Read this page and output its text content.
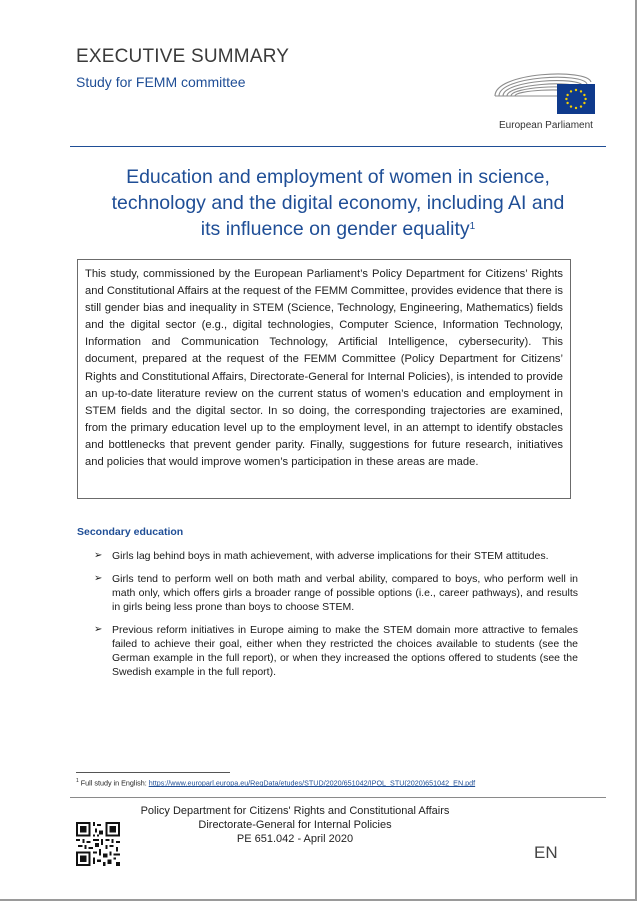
EXECUTIVE SUMMARY
Study for FEMM committee
European Parliament
Education and employment of women in science,
technology and the digital economy, including AI and
its influence on gender equality$^1$
This study, commissioned by the European Parliament’s Policy Department for Citizens’ Rights and Constitutional Affairs at the request of the FEMM Committee, provides evidence that there is still gender bias and inequality in STEM (Science, Technology, Engineering, Mathematics) fields and the digital sector (e.g., digital technologies, Computer Science, Information Technology, Information and Communication Technology, Artificial Intelligence, cybersecurity). This document, prepared at the request of the FEMM Committee (Policy Department for Citizens’ Rights and Constitutional Affairs, Directorate-General for Internal Policies), is intended to provide an up-to-date literature review on the current status of women’s education and employment in STEM fields and the digital sector. In so doing, the corresponding trajectories are examined, from the primary education level up to the employment level, in an attempt to identify obstacles and bottlenecks that prevent gender parity. Finally, suggestions for future research, initiatives and policies that would improve women’s participation in these areas are made.
Secondary education
➢ Girls lag behind boys in math achievement, with adverse implications for their STEM attitudes.
➢ Girls tend to perform well on both math and verbal ability, compared to boys, who perform well in math only, which offers girls a broader range of possible options (i.e., career pathways), and results in girls being less prone than boys to choose STEM.
➢ Previous reform initiatives in Europe aiming to make the STEM domain more attractive to females failed to achieve their goal, either when they restricted the choices available to students (see the German example in the full report), or when they increased the options offered to students (see the Swedish example in the full report).
$^1$ Full study in English: https://www.europarl.europa.eu/RegData/etudes/STUD/2020/651042/IPOL_STU(2020)651042_EN.pdf
Policy Department for Citizens' Rights and Constitutional Affairs
Directorate-General for Internal Policies
PE 651.042 - April 2020
EN
